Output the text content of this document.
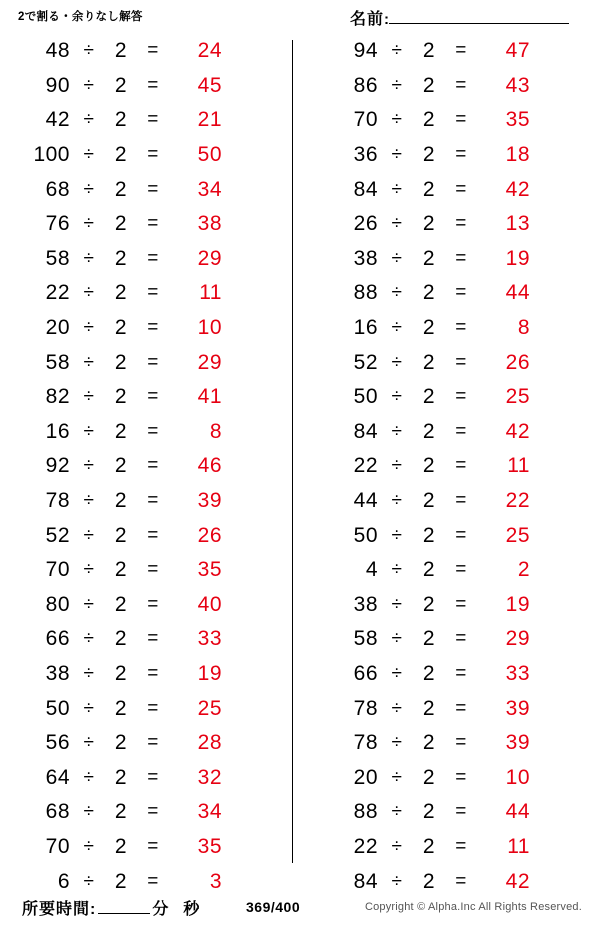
2で割る・余りなし解答	名前 :
48 ÷ 2	=	24
90 ÷ 2	=	45
42 ÷ 2	=	21
100 ÷ 2	=	50
68 ÷ 2	=	34
76 ÷ 2	=	38
58 ÷ 2	=	29
22 ÷ 2	=	11
20 ÷ 2	=	10
58 ÷ 2	=	29
82 ÷ 2	=	41
16 ÷ 2	=	8
92 ÷ 2	=	46
78 ÷ 2	=	39
52 ÷ 2	=	26
70 ÷ 2	=	35
80 ÷ 2	=	40
66 ÷ 2	=	33
38 ÷ 2	=	19
50 ÷ 2	=	25
56 ÷ 2	=	28
64 ÷ 2	=	32
68 ÷ 2	=	34
70 ÷ 2	=	35
6 ÷ 2	=	3
94 ÷ 2	=	47
86 ÷ 2	=	43
70 ÷ 2	=	35
36 ÷ 2	=	18
84 ÷ 2	=	42
26 ÷ 2	=	13
38 ÷ 2	=	19
88 ÷ 2	=	44
16 ÷ 2	=	8
52 ÷ 2	=	26
50 ÷ 2	=	25
84 ÷ 2	=	42
22 ÷ 2	=	11
44 ÷ 2	=	22
50 ÷ 2	=	25
4 ÷ 2	=	2
38 ÷ 2	=	19
58 ÷ 2	=	29
66 ÷ 2	=	33
78 ÷ 2	=	39
78 ÷ 2	=	39
20 ÷ 2	=	10
88 ÷ 2	=	44
22 ÷ 2	=	11
84 ÷ 2	=	42
所要時間:	分 秒	369/400	Copyright © Alpha.Inc All Rights Reserved.
